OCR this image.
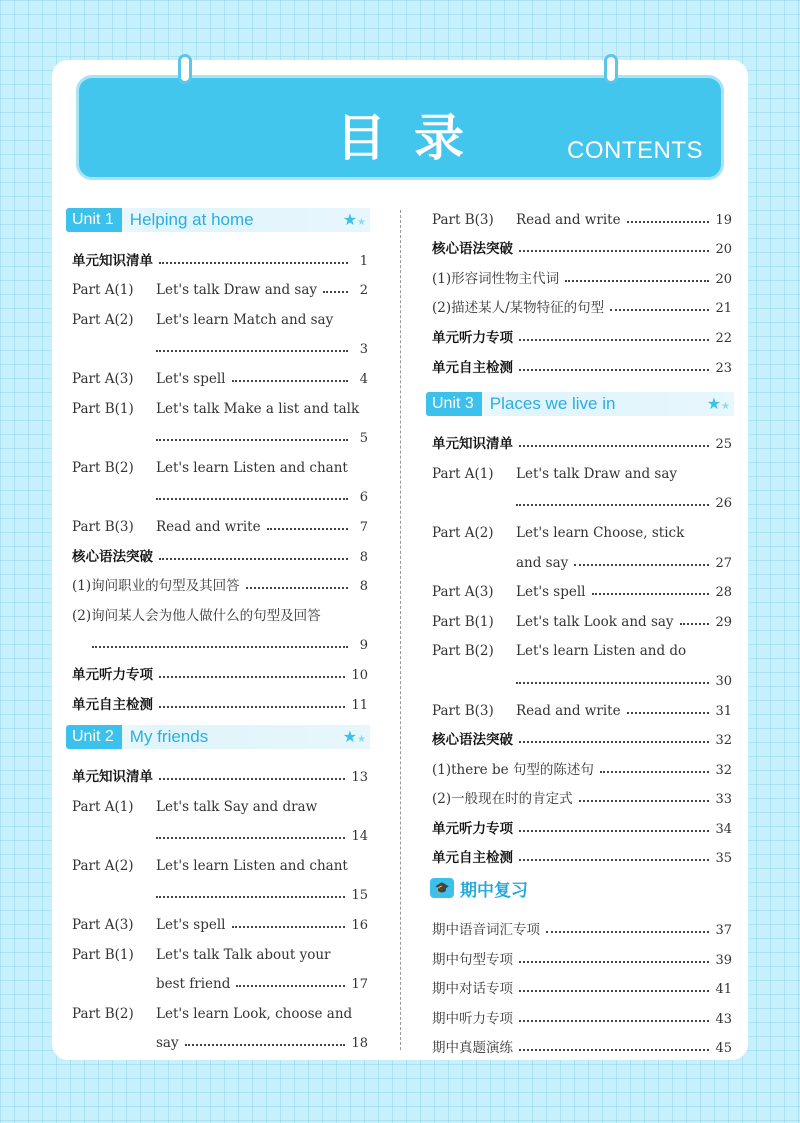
目录	CONTENTS
Unit 1 Helping at home	★★
单元知识清单	1
Part A(1) Let's talk Draw and say	2
Part A(2)	Let's learn Match and say
3
Part A(3) Let's spell	4
Part B(1)	Let's talk Make a list and talk
5
Part B(2)	Let's learn Listen and chant
6
Part B(3) Read and write	7
核心语法突破	8
(1)询问职业的句型及其回答	8
(2)询问某人会为他人做什么的句型及回答
9
单元听力专项	10
单元自主检测	11
Unit 2 My friends	★★
单元知识清单	13
Part A(1)	Let's talk Say and draw
14
Part A(2)	Let's learn Listen and chant
15
Part A(3) Let's spell	16
Part B(1)	Let's talk Talk about your
best friend	17
Part B(2)	Let's learn Look, choose and
say	18
Part B(3) Read and write	19
核心语法突破	20
(1)形容词性物主代词	20
(2)描述某人/某物特征的句型	21
单元听力专项	22
单元自主检测	23
Unit 3 Places we live in	★★
单元知识清单	25
Part A(1)	Let's talk Draw and say
26
Part A(2)	Let's learn Choose, stick
and say	27
Part A(3) Let's spell	28
Part B(1) Let's talk Look and say	29
Part B(2)	Let's learn Listen and do
30
Part B(3) Read and write	31
核心语法突破	32
(1)there be 句型的陈述句	32
(2)一般现在时的肯定式	33
单元听力专项	34
单元自主检测	35
🎓 期中复习
期中语音词汇专项	37
期中句型专项	39
期中对话专项	41
期中听力专项	43
期中真题演练	45
